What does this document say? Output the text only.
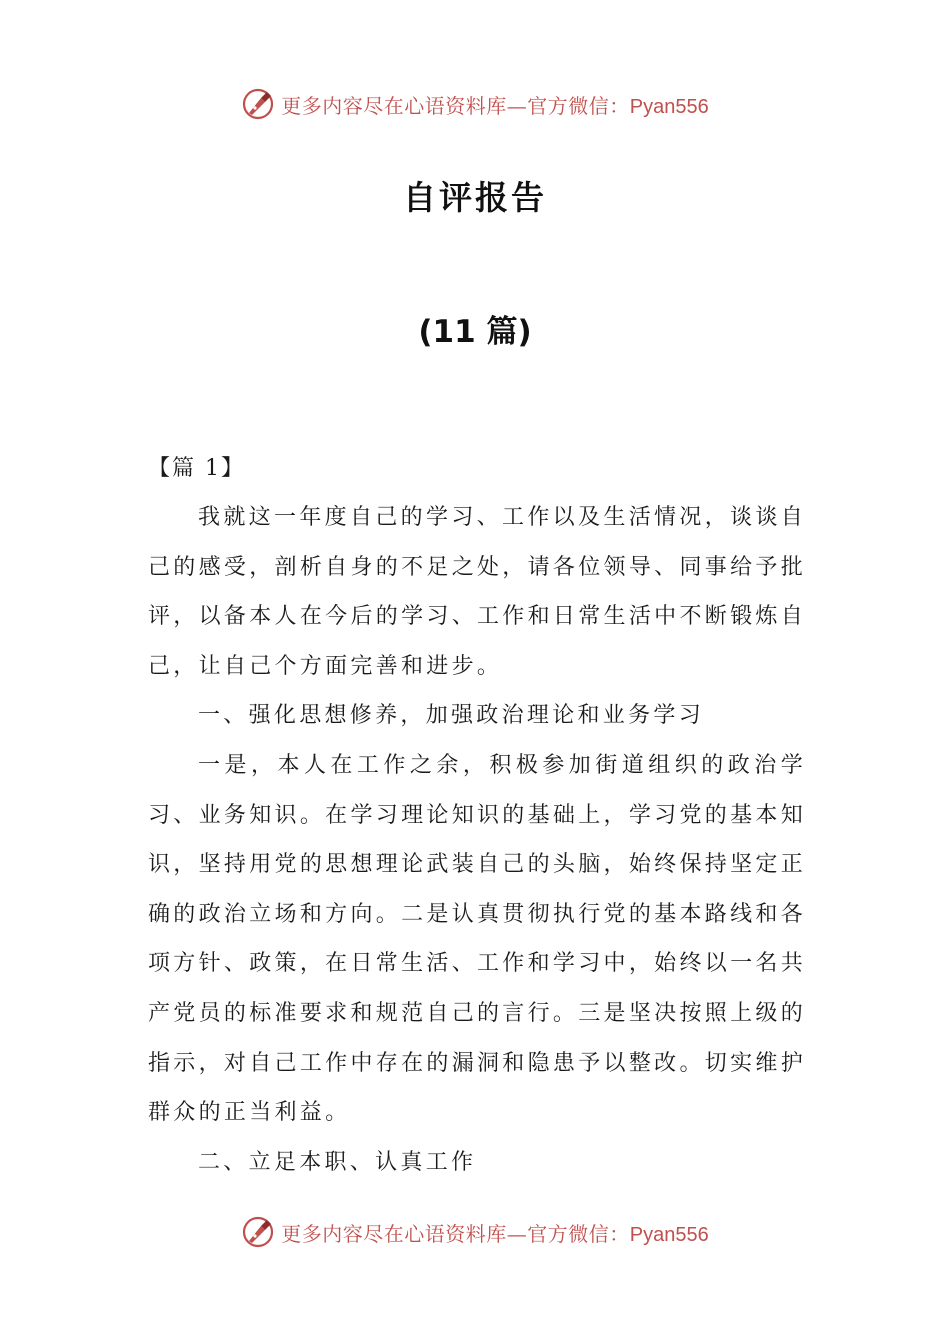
更多内容尽在心语资料库—官方微信：Pyan556
自评报告
(11 篇)

【篇 1】

我就这一年度自己的学习、工作以及生活情况，谈谈自己的感受，剖析自身的不足之处，请各位领导、同事给予批评，以备本人在今后的学习、工作和日常生活中不断锻炼自己，让自己个方面完善和进步。

一、强化思想修养，加强政治理论和业务学习

一是，本人在工作之余，积极参加街道组织的政治学习、业务知识。在学习理论知识的基础上，学习党的基本知识，坚持用党的思想理论武装自己的头脑，始终保持坚定正确的政治立场和方向。二是认真贯彻执行党的基本路线和各项方针、政策，在日常生活、工作和学习中，始终以一名共产党员的标准要求和规范自己的言行。三是坚决按照上级的指示，对自己工作中存在的漏洞和隐患予以整改。切实维护群众的正当利益。

二、立足本职、认真工作

更多内容尽在心语资料库—官方微信：Pyan556
